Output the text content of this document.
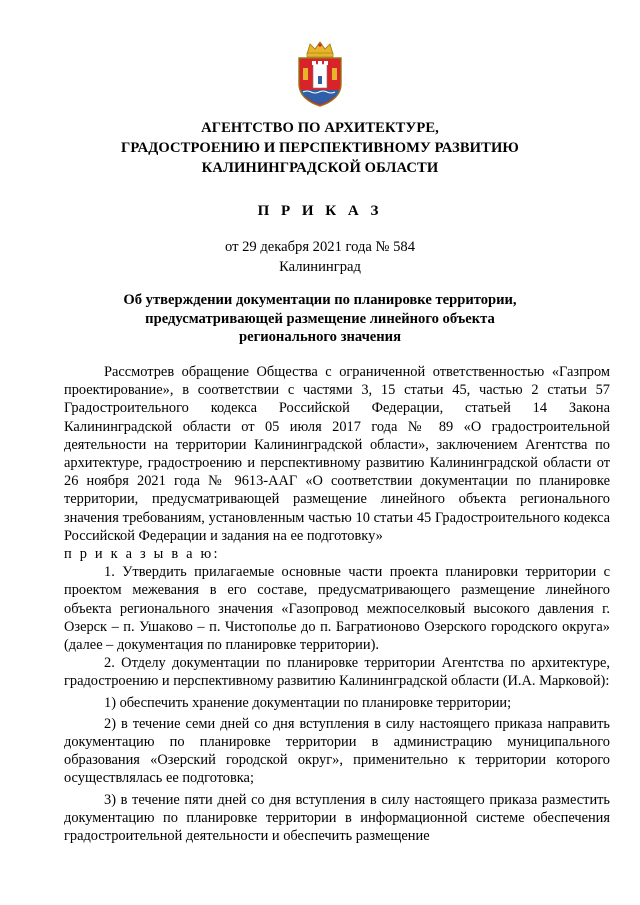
АГЕНТСТВО ПО АРХИТЕКТУРЕ,
ГРАДОСТРОЕНИЮ И ПЕРСПЕКТИВНОМУ РАЗВИТИЮ
КАЛИНИНГРАДСКОЙ ОБЛАСТИ
П Р И К А З
от 29 декабря 2021 года № 584
Калининград
Об утверждении документации по планировке территории,
предусматривающей размещение линейного объекта
регионального значения

Рассмотрев обращение Общества с ограниченной ответственностью «Газпром проектирование», в соответствии с частями 3, 15 статьи 45, частью 2 статьи 57 Градостроительного кодекса Российской Федерации, статьей 14 Закона Калининградской области от 05 июля 2017 года № 89 «О градостроительной деятельности на территории Калининградской области», заключением Агентства по архитектуре, градостроению и перспективному развитию Калининградской области от 26 ноября 2021 года № 9613-ААГ «О соответствии документации по планировке территории, предусматривающей размещение линейного объекта регионального значения требованиям, установленным частью 10 статьи 45 Градостроительного кодекса Российской Федерации и задания на ее подготовку»

п р и к а з ы в а ю:

1. Утвердить прилагаемые основные части проекта планировки территории с проектом межевания в его составе, предусматривающего размещение линейного объекта регионального значения «Газопровод межпоселковый высокого давления г. Озерск – п. Ушаково – п. Чистополье до п. Багратионово Озерского городского округа» (далее – документация по планировке территории).

2. Отделу документации по планировке территории Агентства по архитектуре, градостроению и перспективному развитию Калининградской области (И.А. Марковой):

1) обеспечить хранение документации по планировке территории;

2) в течение семи дней со дня вступления в силу настоящего приказа направить документацию по планировке территории в администрацию муниципального образования «Озерский городской округ», применительно к территории которого осуществлялась ее подготовка;

3) в течение пяти дней со дня вступления в силу настоящего приказа разместить документацию по планировке территории в информационной системе обеспечения градостроительной деятельности и обеспечить размещение
